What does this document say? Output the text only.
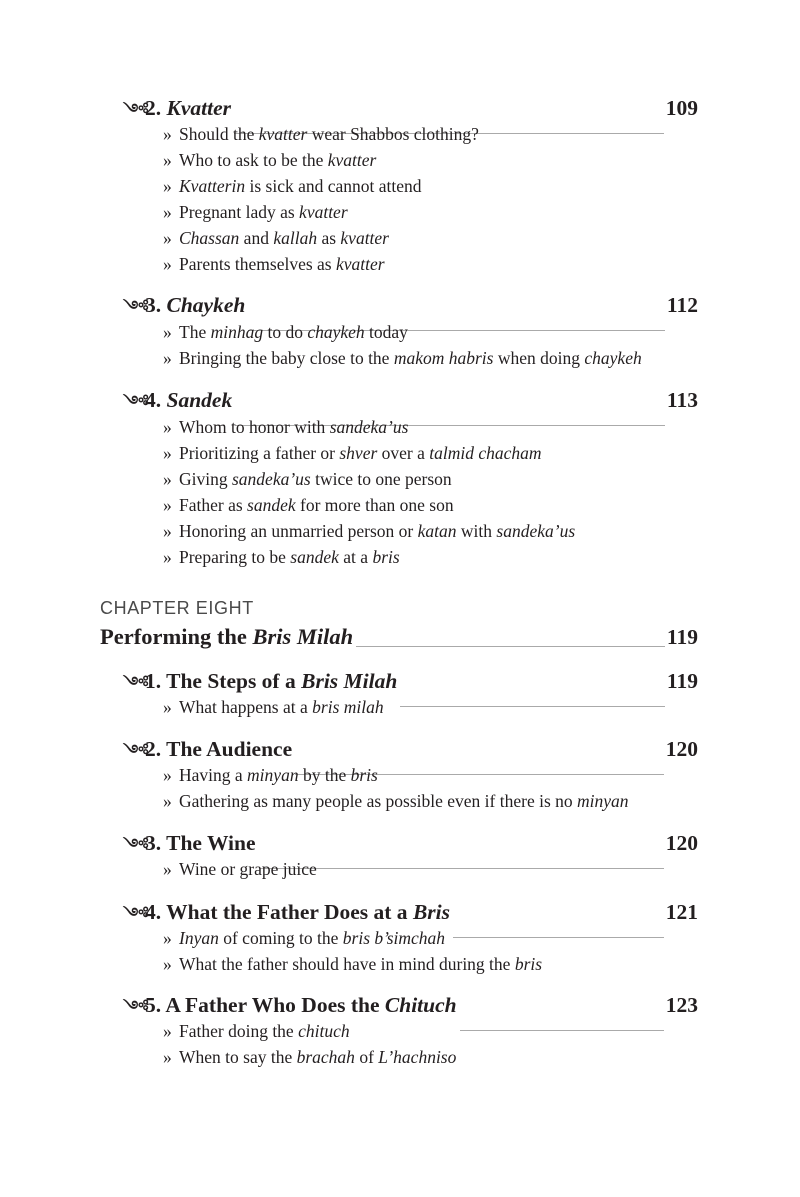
༺
2. Kvatter	109
» Should the kvatter wear Shabbos clothing?
» Who to ask to be the kvatter
» Kvatterin is sick and cannot attend
» Pregnant lady as kvatter
» Chassan and kallah as kvatter
» Parents themselves as kvatter
༺
3. Chaykeh	112
» The minhag to do chaykeh today
» Bringing the baby close to the makom habris when doing chaykeh
༺
4. Sandek	113
» Whom to honor with sandeka’us
» Prioritizing a father or shver over a talmid chacham
» Giving sandeka’us twice to one person
» Father as sandek for more than one son
» Honoring an unmarried person or katan with sandeka’us
» Preparing to be sandek at a bris
CHAPTER EIGHT
Performing the Bris Milah	119
༺
1. The Steps of a Bris Milah	119
» What happens at a bris milah
༺
2. The Audience	120
» Having a minyan by the bris
» Gathering as many people as possible even if there is no minyan
༺
3. The Wine	120
» Wine or grape juice
༺
4. What the Father Does at a Bris	121
» Inyan of coming to the bris b’simchah
» What the father should have in mind during the bris
༺
5. A Father Who Does the Chituch	123
» Father doing the chituch
» When to say the brachah of L’hachniso
